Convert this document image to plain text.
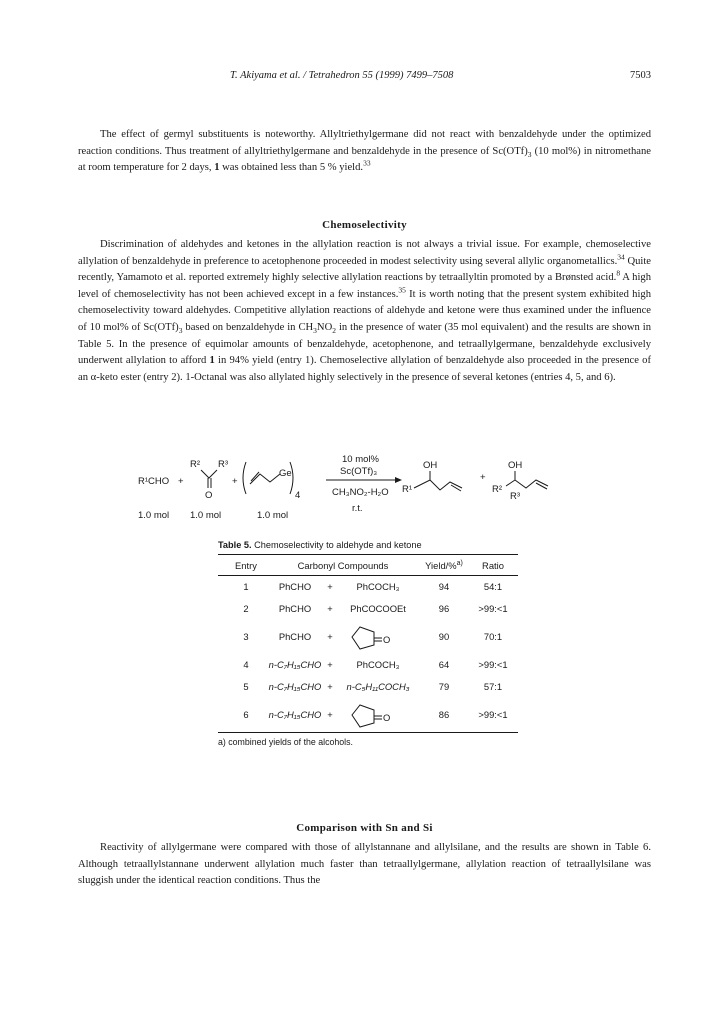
T. Akiyama et al. / Tetrahedron 55 (1999) 7499–7508	7503

The effect of germyl substituents is noteworthy. Allyltriethylgermane did not react with benzaldehyde under the optimized reaction conditions. Thus treatment of allyltriethylgermane and benzaldehyde in the presence of $Sc(OTf)_3$ (10 mol%) in nitromethane at room temperature for 2 days, 1 was obtained less than 5 % yield.$^{33}$

Chemoselectivity

Discrimination of aldehydes and ketones in the allylation reaction is not always a trivial issue. For example, chemoselective allylation of benzaldehyde in preference to acetophenone proceeded in modest selectivity using several allylic organometallics.$^{34}$ Quite recently, Yamamoto et al. reported extremely highly selective allylation reactions by tetraallyltin promoted by a Brønsted acid.$^8$ A high level of chemoselectivity has not been achieved except in a few instances.$^{35}$ It is worth noting that the present system exhibited high chemoselectivity toward aldehydes. Competitive allylation reactions of aldehyde and ketone were thus examined under the influence of 10 mol% of $Sc(OTf)_3$ based on benzaldehyde in $CH_3NO_2$ in the presence of water (35 mol equivalent) and the results are shown in Table 5. In the presence of equimolar amounts of benzaldehyde, acetophenone, and tetraallylgermane, benzaldehyde exclusively underwent allylation to afford 1 in 94% yield (entry 1). Chemoselective allylation of benzaldehyde also proceeded in the presence of an α-keto ester (entry 2). 1-Octanal was also allylated highly selectively in the presence of several ketones (entries 4, 5, and 6).

R¹CHO +
R² R³
O
+
Ge
4
10 mol%
Sc(OTf)₃
CH₃NO₂-H₂O
r.t.
OH
R¹
+
OH
R²
R³
1.0 mol 1.0 mol	1.0 mol
Table 5. Chemoselectivity to aldehyde and ketone
Entry	Carbonyl Compounds	Yield/%$^{a)}$	Ratio
1	PhCHO	+	PhCOCH₃	94	54:1
2	PhCHO	+	PhCOCOOEt	96	>99:<1
3	PhCHO	+	O	90	70:1
4	n-C₇H₁₅CHO +	PhCOCH₃	64	>99:<1
5	n-C₇H₁₅CHO +	n-C₅H₁₁COCH₃	79	57:1
6	n-C₇H₁₅CHO +	O	86	>99:<1
a) combined yields of the alcohols.
Comparison with Sn and Si

Reactivity of allylgermane were compared with those of allylstannane and allylsilane, and the results are shown in Table 6. Although tetraallylstannane underwent allylation much faster than tetraallylgermane, allylation reaction of tetraallylsilane was sluggish under the identical reaction conditions. Thus the
